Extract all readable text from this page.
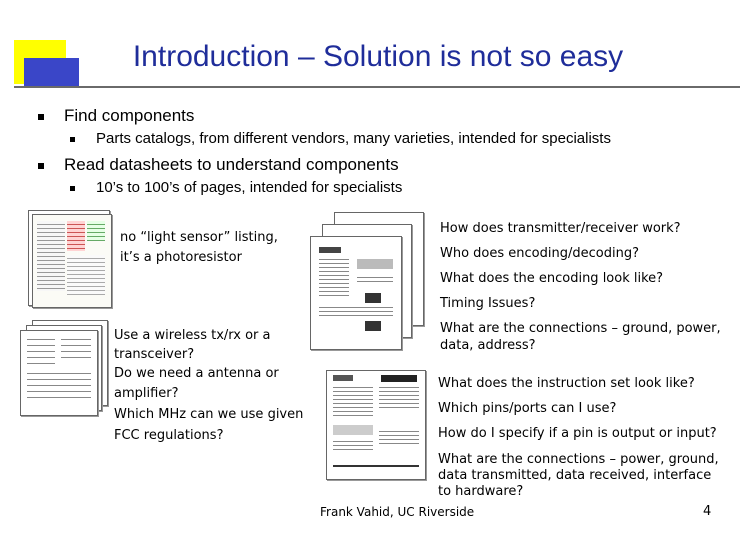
Introduction – Solution is not so easy
Find components
Parts catalogs, from different vendors, many varieties, intended for specialists
Read datasheets to understand components
10’s to 100’s of pages, intended for specialists
no “light sensor” listing,
it’s a photoresistor
Use a wireless tx/rx or a
transceiver?
Do we need a antenna or
amplifier?
Which MHz can we use given
FCC regulations?
How does transmitter/receiver work?
Who does encoding/decoding?
What does the encoding look like?
Timing Issues?
What are the connections – ground, power,
data, address?
What does the instruction set look like?
Which pins/ports can I use?
How do I specify if a pin is output or input?
What are the connections – power, ground,
data transmitted, data received, interface
to hardware?
Frank Vahid, UC Riverside	4
